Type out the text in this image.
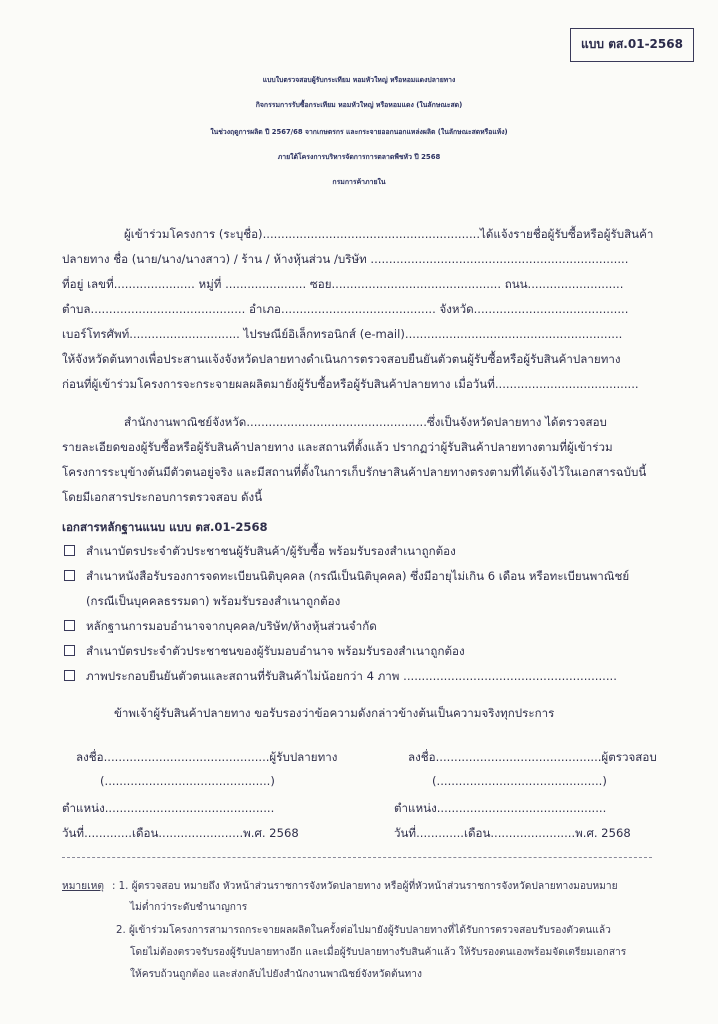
แบบ ตส.01-2568
แบบใบตรวจสอบผู้รับกระเทียม หอมหัวใหญ่ หรือหอมแดงปลายทาง
กิจกรรมการรับซื้อกระเทียม หอมหัวใหญ่ หรือหอมแดง (ในลักษณะสด)
ในช่วงฤดูการผลิต ปี 2567/68 จากเกษตรกร และกระจายออกนอกแหล่งผลิต (ในลักษณะสดหรือแห้ง)
ภายใต้โครงการบริหารจัดการการตลาดพืชหัว ปี 2568
กรมการค้าภายใน
ผู้เข้าร่วมโครงการ (ระบุชื่อ)...........................................................ได้แจ้งรายชื่อผู้รับซื้อหรือผู้รับสินค้า
ปลายทาง ชื่อ (นาย/นาง/นางสาว) / ร้าน / ห้างหุ้นส่วน /บริษัท ......................................................................
ที่อยู่ เลขที่...................... หมู่ที่ ...................... ซอย.............................................. ถนน..........................
ตำบล.......................................... อำเภอ.......................................... จังหวัด..........................................
เบอร์โทรศัพท์.............................. ไปรษณีย์อิเล็กทรอนิกส์ (e-mail)...........................................................
ให้จังหวัดต้นทางเพื่อประสานแจ้งจังหวัดปลายทางดำเนินการตรวจสอบยืนยันตัวตนผู้รับซื้อหรือผู้รับสินค้าปลายทาง
ก่อนที่ผู้เข้าร่วมโครงการจะกระจายผลผลิตมายังผู้รับซื้อหรือผู้รับสินค้าปลายทาง เมื่อวันที่.......................................
สำนักงานพาณิชย์จังหวัด.................................................ซึ่งเป็นจังหวัดปลายทาง ได้ตรวจสอบ
รายละเอียดของผู้รับซื้อหรือผู้รับสินค้าปลายทาง และสถานที่ตั้งแล้ว ปรากฏว่าผู้รับสินค้าปลายทางตามที่ผู้เข้าร่วม
โครงการระบุข้างต้นมีตัวตนอยู่จริง และมีสถานที่ตั้งในการเก็บรักษาสินค้าปลายทางตรงตามที่ได้แจ้งไว้ในเอกสารฉบับนี้
โดยมีเอกสารประกอบการตรวจสอบ ดังนี้
เอกสารหลักฐานแนบ แบบ ตส.01-2568
สำเนาบัตรประจำตัวประชาชนผู้รับสินค้า/ผู้รับซื้อ พร้อมรับรองสำเนาถูกต้อง
สำเนาหนังสือรับรองการจดทะเบียนนิติบุคคล (กรณีเป็นนิติบุคคล) ซึ่งมีอายุไม่เกิน 6 เดือน หรือทะเบียนพาณิชย์
(กรณีเป็นบุคคลธรรมดา) พร้อมรับรองสำเนาถูกต้อง
หลักฐานการมอบอำนาจจากบุคคล/บริษัท/ห้างหุ้นส่วนจำกัด
สำเนาบัตรประจำตัวประชาชนของผู้รับมอบอำนาจ พร้อมรับรองสำเนาถูกต้อง
ภาพประกอบยืนยันตัวตนและสถานที่รับสินค้าไม่น้อยกว่า 4 ภาพ ..........................................................
ข้าพเจ้าผู้รับสินค้าปลายทาง ขอรับรองว่าข้อความดังกล่าวข้างต้นเป็นความจริงทุกประการ
ลงชื่อ.............................................ผู้รับปลายทาง
(.............................................)
ตำแหน่ง..............................................
วันที่.............เดือน.......................พ.ศ. 2568
ลงชื่อ.............................................ผู้ตรวจสอบ
(.............................................)
ตำแหน่ง..............................................
วันที่.............เดือน.......................พ.ศ. 2568
หมายเหตุ : 1. ผู้ตรวจสอบ หมายถึง หัวหน้าส่วนราชการจังหวัดปลายทาง หรือผู้ที่หัวหน้าส่วนราชการจังหวัดปลายทางมอบหมาย
ไม่ต่ำกว่าระดับชำนาญการ
2. ผู้เข้าร่วมโครงการสามารถกระจายผลผลิตในครั้งต่อไปมายังผู้รับปลายทางที่ได้รับการตรวจสอบรับรองตัวตนแล้ว
โดยไม่ต้องตรวจรับรองผู้รับปลายทางอีก และเมื่อผู้รับปลายทางรับสินค้าแล้ว ให้รับรองตนเองพร้อมจัดเตรียมเอกสาร
ให้ครบถ้วนถูกต้อง และส่งกลับไปยังสำนักงานพาณิชย์จังหวัดต้นทาง
